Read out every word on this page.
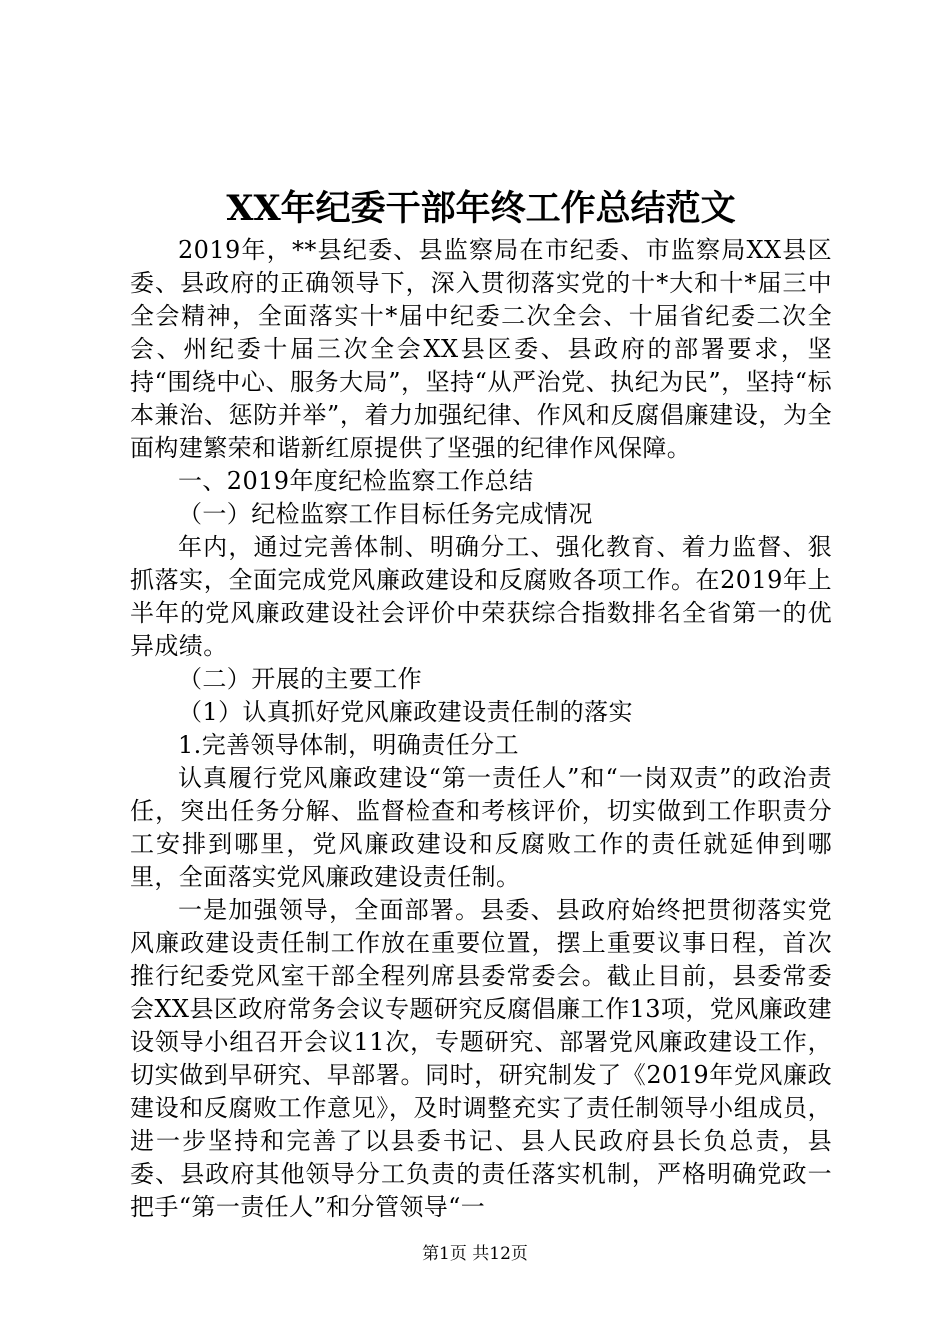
XX年纪委干部年终工作总结范文

2019年，**县纪委、县监察局在市纪委、市监察局XX县区委、县政府的正确领导下，深入贯彻落实党的十*大和十*届三中全会精神，全面落实十*届中纪委二次全会、十届省纪委二次全会、州纪委十届三次全会XX县区委、县政府的部署要求，坚持“围绕中心、服务大局”，坚持“从严治党、执纪为民”，坚持“标本兼治、惩防并举”，着力加强纪律、作风和反腐倡廉建设，为全面构建繁荣和谐新红原提供了坚强的纪律作风保障。

一、2019年度纪检监察工作总结

（一）纪检监察工作目标任务完成情况

年内，通过完善体制、明确分工、强化教育、着力监督、狠抓落实，全面完成党风廉政建设和反腐败各项工作。在2019年上半年的党风廉政建设社会评价中荣获综合指数排名全省第一的优异成绩。

（二）开展的主要工作

（1）认真抓好党风廉政建设责任制的落实

1.完善领导体制，明确责任分工

认真履行党风廉政建设“第一责任人”和“一岗双责”的政治责任，突出任务分解、监督检查和考核评价，切实做到工作职责分工安排到哪里，党风廉政建设和反腐败工作的责任就延伸到哪里，全面落实党风廉政建设责任制。

一是加强领导，全面部署。县委、县政府始终把贯彻落实党风廉政建设责任制工作放在重要位置，摆上重要议事日程，首次推行纪委党风室干部全程列席县委常委会。截止目前，县委常委会XX县区政府常务会议专题研究反腐倡廉工作13项，党风廉政建设领导小组召开会议11次，专题研究、部署党风廉政建设工作，切实做到早研究、早部署。同时，研究制发了《2019年党风廉政建设和反腐败工作意见》，及时调整充实了责任制领导小组成员，进一步坚持和完善了以县委书记、县人民政府县长负总责，县委、县政府其他领导分工负责的责任落实机制，严格明确党政一把手“第一责任人”和分管领导“一

第1页 共12页
